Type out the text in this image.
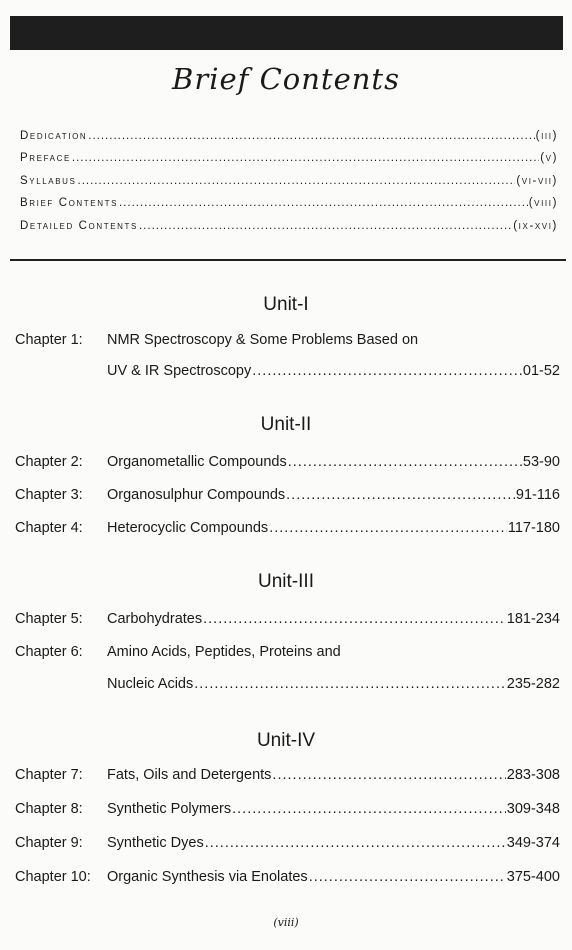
Brief Contents
Dedication .....	(iii)
Preface .....	(v)
Syllabus .....	(vi-vii)
Brief Contents .....	(viii)
Detailed Contents .....	(ix-xvi)
Unit-I
Chapter 1:	NMR Spectroscopy & Some Problems Based on
UV & IR Spectroscopy .....	01-52
Unit-II
Chapter 2:	Organometallic Compounds .....	53-90
Chapter 3:	Organosulphur Compounds .....	91-116
Chapter 4:	Heterocyclic Compounds .....	117-180
Unit-III
Chapter 5:	Carbohydrates .....	181-234
Chapter 6:	Amino Acids, Peptides, Proteins and
Nucleic Acids .....	235-282
Unit-IV
Chapter 7:	Fats, Oils and Detergents .....	283-308
Chapter 8:	Synthetic Polymers .....	309-348
Chapter 9:	Synthetic Dyes .....	349-374
Chapter 10:	Organic Synthesis via Enolates .....	375-400
(viii)
